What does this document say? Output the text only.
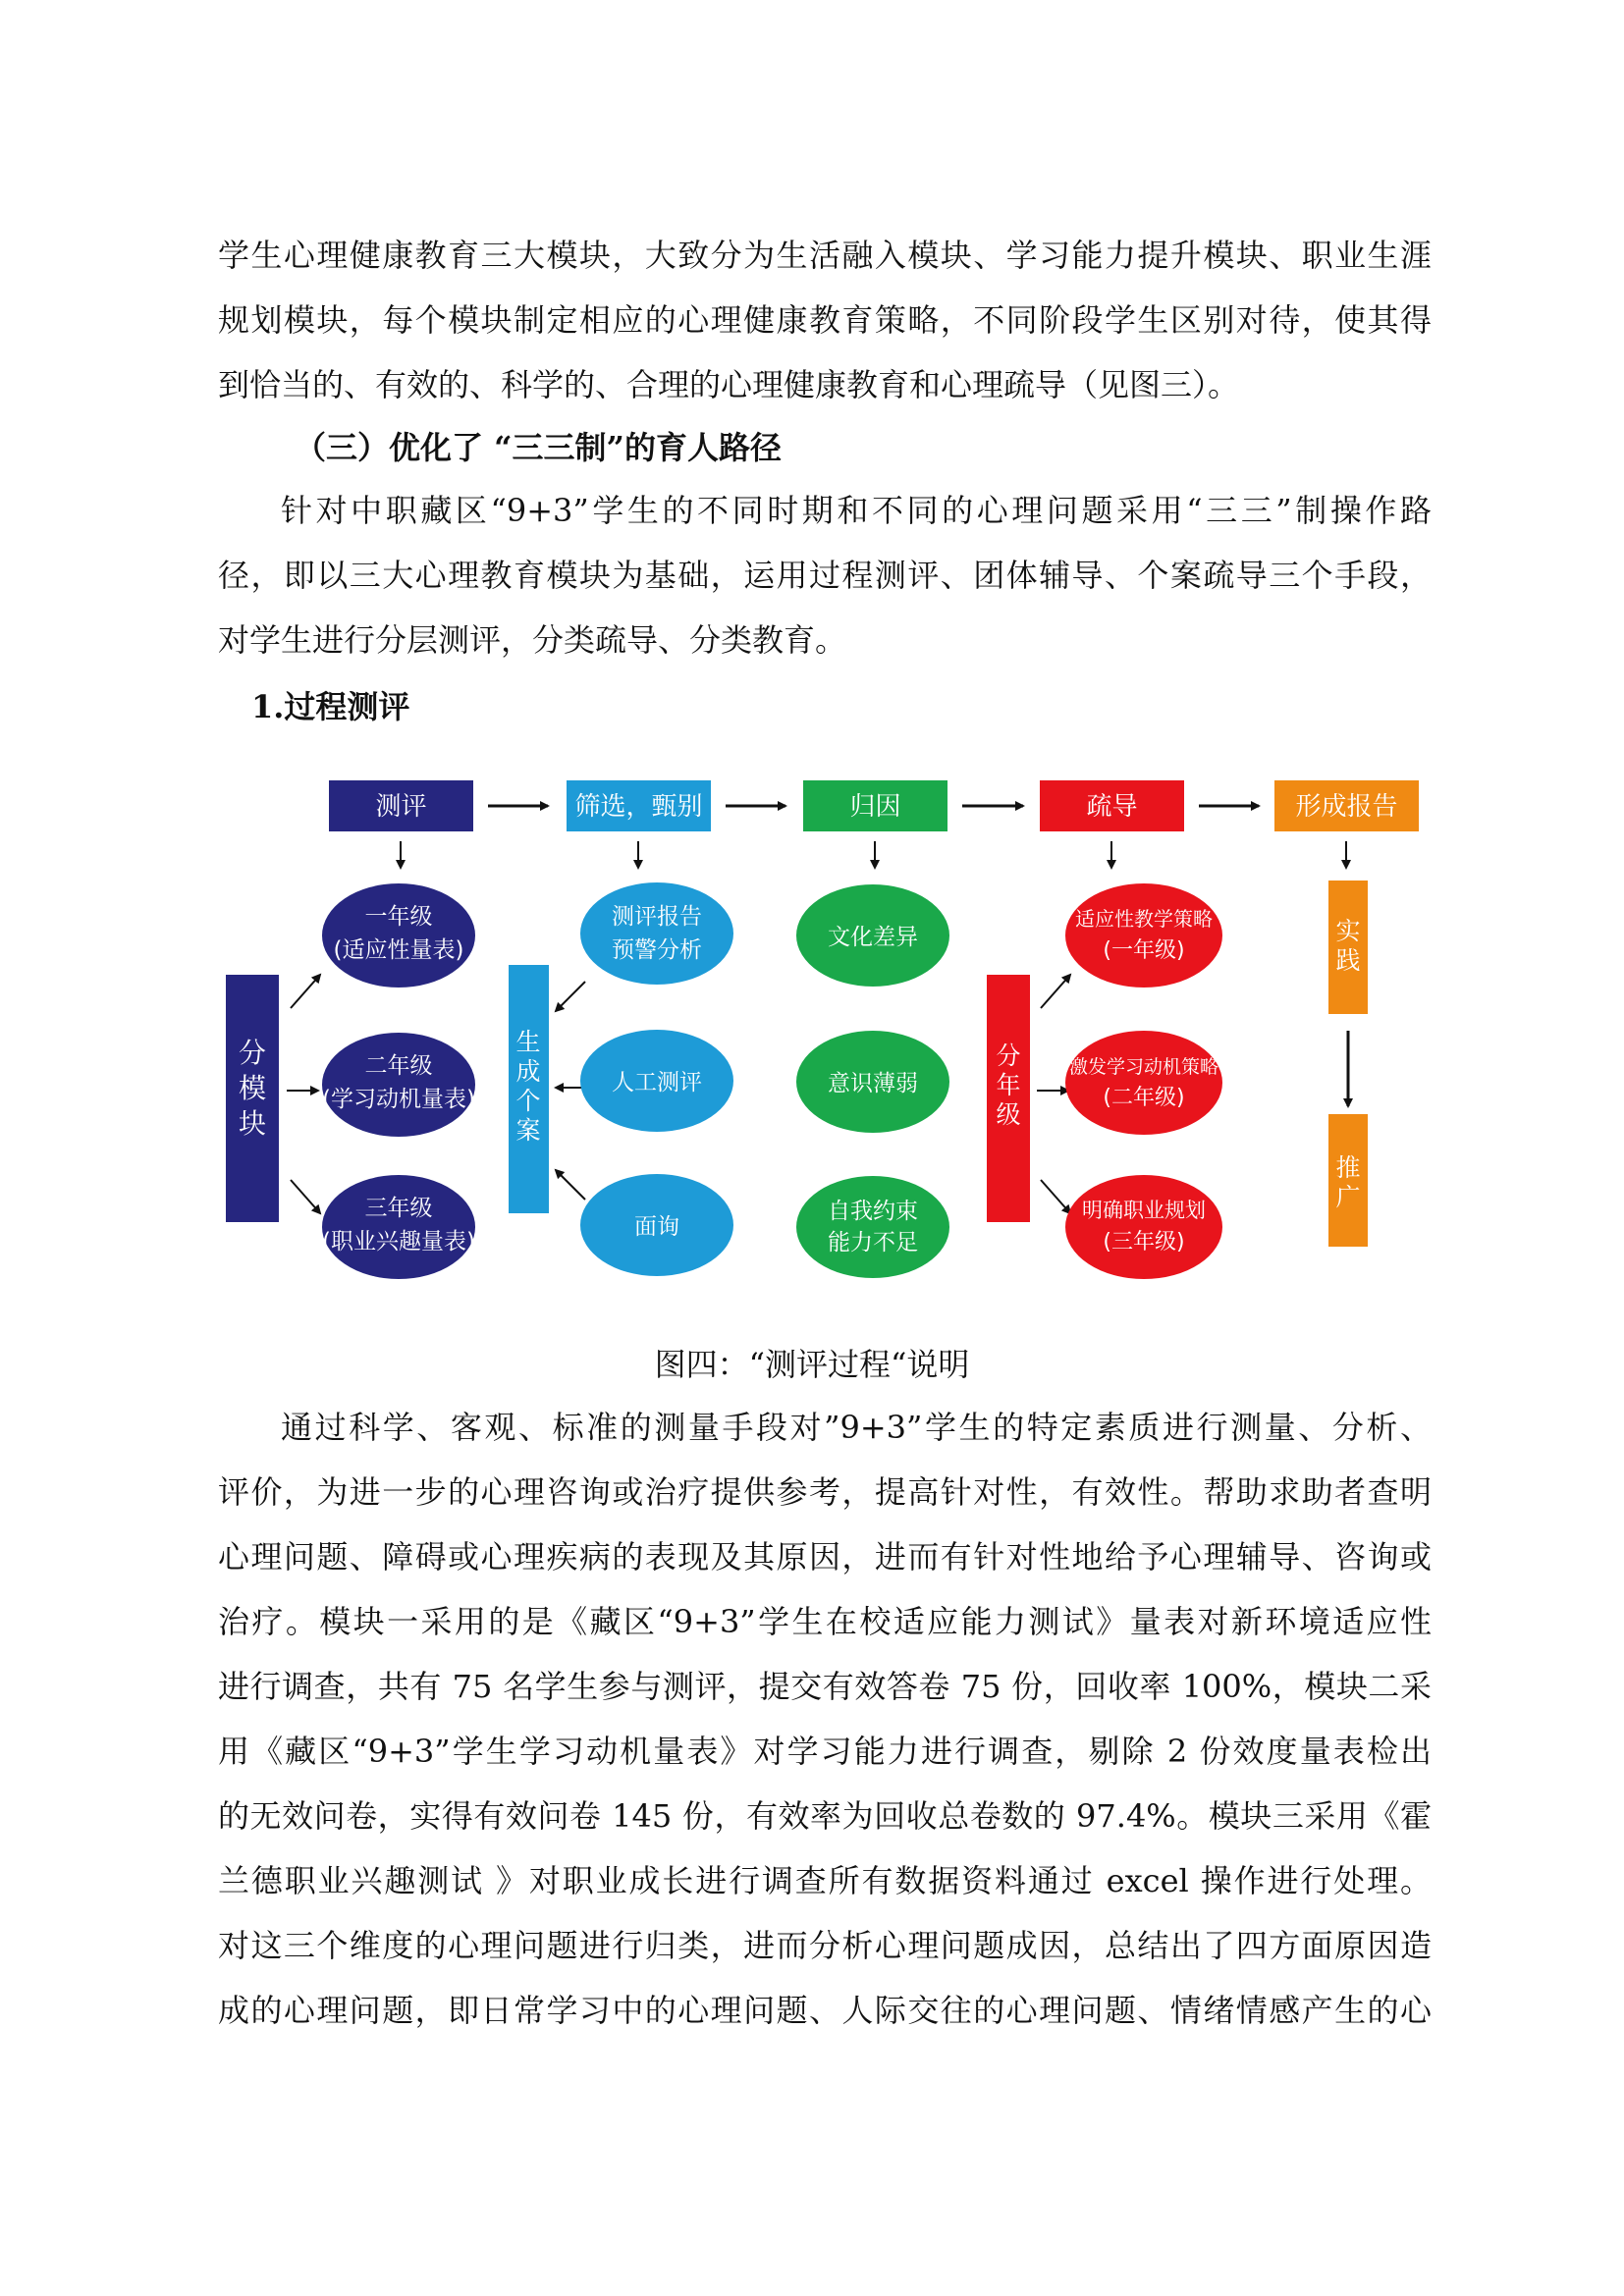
学生心理健康教育三大模块，大致分为生活融入模块、学习能力提升模块、职业生涯
规划模块，每个模块制定相应的心理健康教育策略，不同阶段学生区别对待，使其得
到恰当的、有效的、科学的、合理的心理健康教育和心理疏导（见图三）。
（三）优化了 “三三制”的育人路径
针对中职藏区“9+3”学生的不同时期和不同的心理问题采用“三三”制操作路
径，即以三大心理教育模块为基础，运用过程测评、团体辅导、个案疏导三个手段，
对学生进行分层测评，分类疏导、分类教育。
1.过程测评
测评	筛选，甄别	归因	疏导	形成报告
分
模
块
一年级
(适应性量表)
二年级
(学习动机量表)
三年级
(职业兴趣量表)
生
成
个
案
测评报告
预警分析
人工测评
面询
文化差异
意识薄弱
自我约束
能力不足
分
年
级
适应性教学策略
(一年级)
激发学习动机策略
(二年级)
明确职业规划
(三年级)
实
践
推
广
图四：“测评过程“说明
通过科学、客观、标准的测量手段对”9+3”学生的特定素质进行测量、分析、
评价，为进一步的心理咨询或治疗提供参考，提高针对性，有效性。帮助求助者查明
心理问题、障碍或心理疾病的表现及其原因，进而有针对性地给予心理辅导、咨询或
治疗。模块一采用的是《藏区“9+3”学生在校适应能力测试》量表对新环境适应性
进行调查，共有 75 名学生参与测评，提交有效答卷 75 份，回收率 100%，模块二采
用《藏区“9+3”学生学习动机量表》对学习能力进行调查，剔除 2 份效度量表检出
的无效问卷，实得有效问卷 145 份，有效率为回收总卷数的 97.4%。模块三采用《霍
兰德职业兴趣测试 》对职业成长进行调查所有数据资料通过 excel 操作进行处理。
对这三个维度的心理问题进行归类，进而分析心理问题成因，总结出了四方面原因造
成的心理问题，即日常学习中的心理问题、人际交往的心理问题、情绪情感产生的心
